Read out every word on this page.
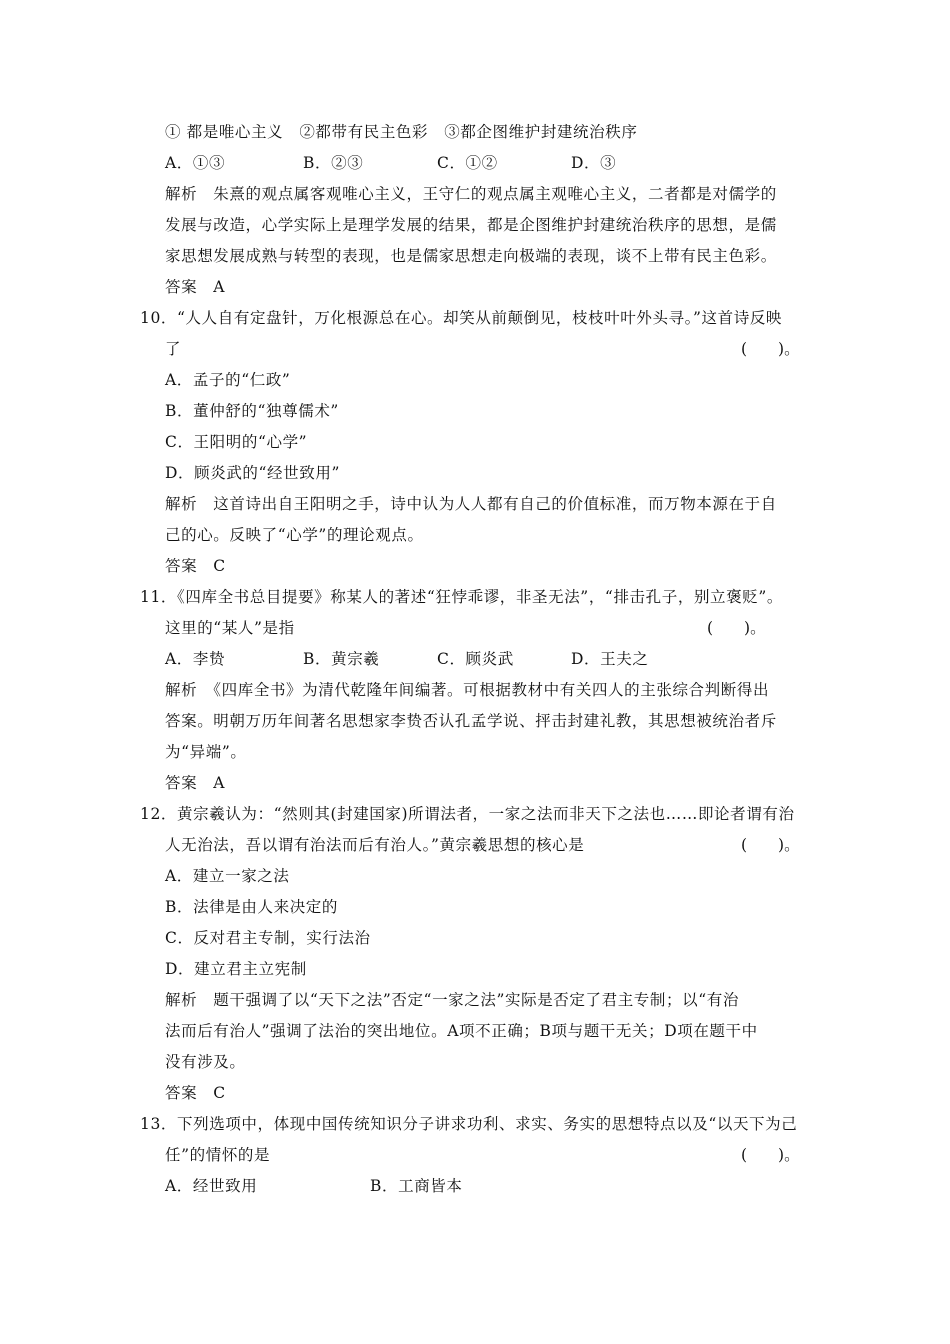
① 都是唯心主义　②都带有民主色彩　③都企图维护封建统治秩序
A．①③	B．②③	C．①②	D．③
解析　朱熹的观点属客观唯心主义，王守仁的观点属主观唯心主义，二者都是对儒学的
发展与改造，心学实际上是理学发展的结果，都是企图维护封建统治秩序的思想，是儒
家思想发展成熟与转型的表现，也是儒家思想走向极端的表现，谈不上带有民主色彩。
答案　A
10．“人人自有定盘针，万化根源总在心。却笑从前颠倒见，枝枝叶叶外头寻。”这首诗反映
了	(　　)。
A．孟子的“仁政”
B．董仲舒的“独尊儒术”
C．王阳明的“心学”
D．顾炎武的“经世致用”
解析　这首诗出自王阳明之手，诗中认为人人都有自己的价值标准，而万物本源在于自
己的心。反映了“心学”的理论观点。
答案　C
11．《四库全书总目提要》称某人的著述“狂悖乖谬，非圣无法”，“排击孔子，别立褒贬”。
这里的“某人”是指	(　　)。
A．李贽	B．黄宗羲	C．顾炎武	D．王夫之
解析　《四库全书》为清代乾隆年间编著。可根据教材中有关四人的主张综合判断得出
答案。明朝万历年间著名思想家李贽否认孔孟学说、抨击封建礼教，其思想被统治者斥
为“异端”。
答案　A
12．黄宗羲认为：“然则其(封建国家)所谓法者，一家之法而非天下之法也……即论者谓有治
人无治法，吾以谓有治法而后有治人。”黄宗羲思想的核心是	(　　)。
A．建立一家之法
B．法律是由人来决定的
C．反对君主专制，实行法治
D．建立君主立宪制
解析　题干强调了以“天下之法”否定“一家之法”实际是否定了君主专制；以“有治
法而后有治人”强调了法治的突出地位。A项不正确；B项与题干无关；D项在题干中
没有涉及。
答案　C
13．下列选项中，体现中国传统知识分子讲求功利、求实、务实的思想特点以及“以天下为己
任”的情怀的是	(　　)。
A．经世致用	B．工商皆本
